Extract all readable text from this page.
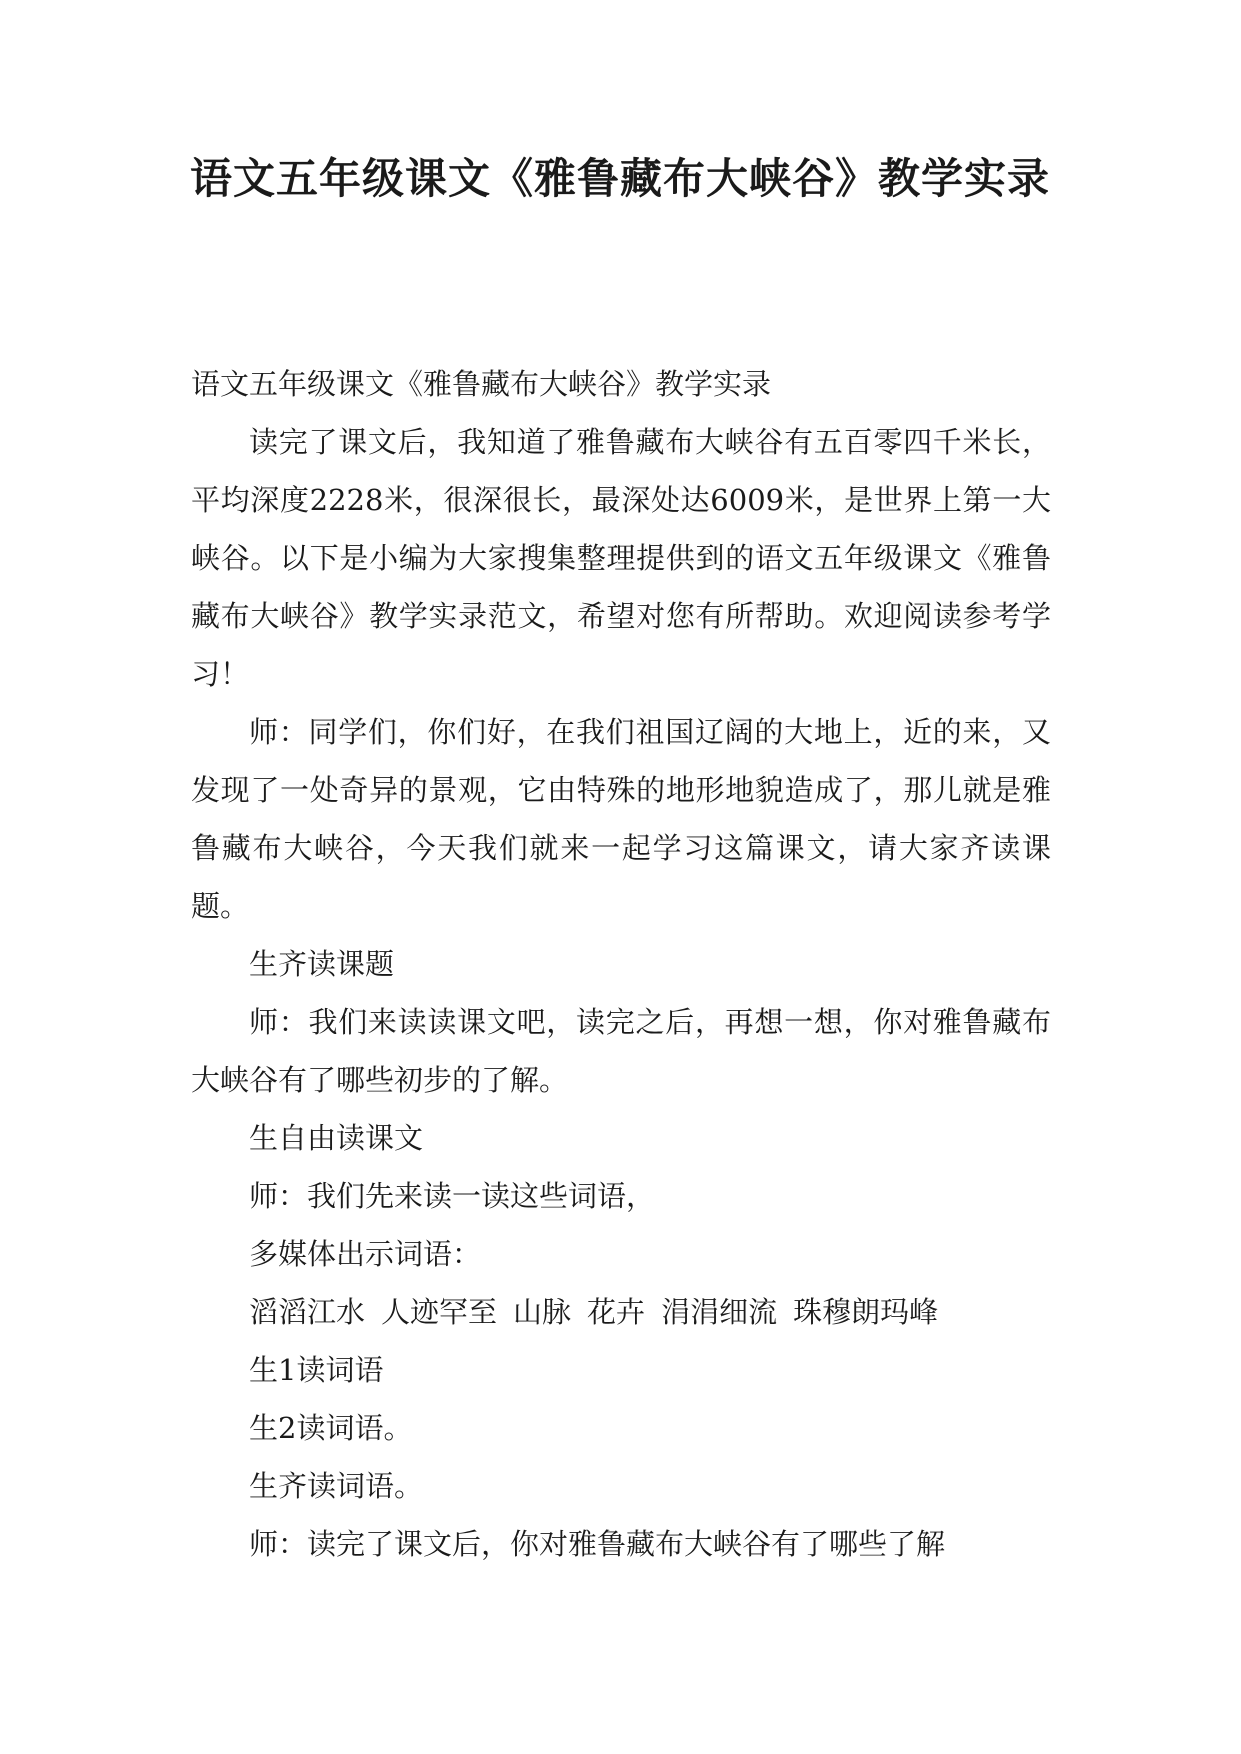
语文五年级课文《雅鲁藏布大峡谷》教学实录

语文五年级课文《雅鲁藏布大峡谷》教学实录

读完了课文后，我知道了雅鲁藏布大峡谷有五百零四千米长，平均深度2228米，很深很长，最深处达6009米，是世界上第一大峡谷。以下是小编为大家搜集整理提供到的语文五年级课文《雅鲁藏布大峡谷》教学实录范文，希望对您有所帮助。欢迎阅读参考学习！

师：同学们，你们好，在我们祖国辽阔的大地上，近的来，又发现了一处奇异的景观，它由特殊的地形地貌造成了，那儿就是雅鲁藏布大峡谷，今天我们就来一起学习这篇课文，请大家齐读课题。

生齐读课题

师：我们来读读课文吧，读完之后，再想一想，你对雅鲁藏布大峡谷有了哪些初步的了解。

生自由读课文

师：我们先来读一读这些词语，

多媒体出示词语：

滔滔江水 人迹罕至 山脉 花卉 涓涓细流 珠穆朗玛峰

生1读词语

生2读词语。

生齐读词语。

师：读完了课文后，你对雅鲁藏布大峡谷有了哪些了解
